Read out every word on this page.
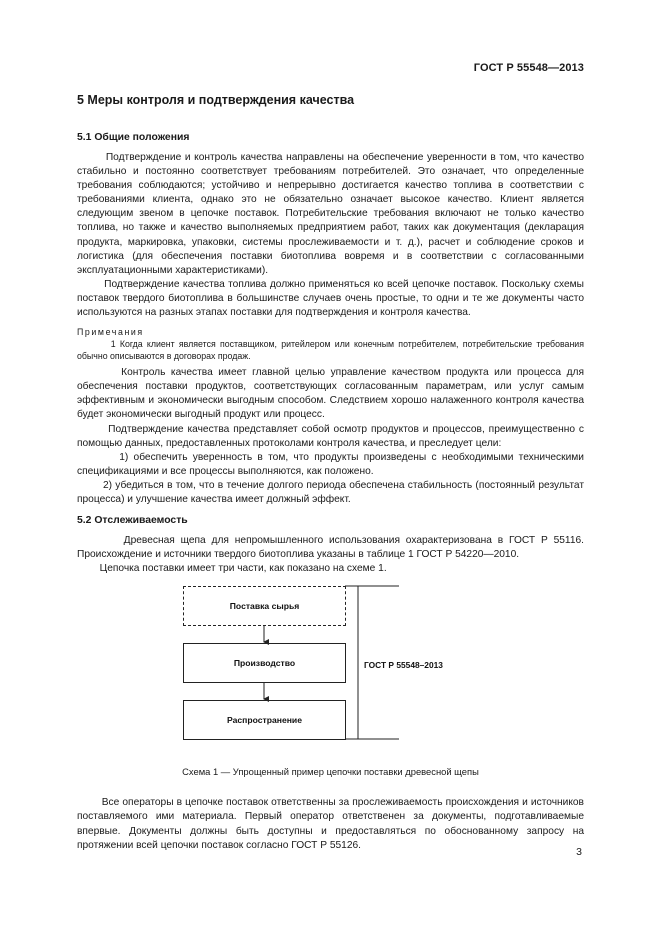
ГОСТ Р 55548—2013
5 Меры контроля и подтверждения качества
5.1 Общие положения

Подтверждение и контроль качества направлены на обеспечение уверенности в том, что качество стабильно и постоянно соответствует требованиям потребителей. Это означает, что определенные требования соблюдаются; устойчиво и непрерывно достигается качество топлива в соответствии с требованиями клиента, однако это не обязательно означает высокое качество. Клиент является следующим звеном в цепочке поставок. Потребительские требования включают не только качество топлива, но также и качество выполняемых предприятием работ, таких как документация (декларация продукта, маркировка, упаковки, системы прослеживаемости и т. д.), расчет и соблюдение сроков и логистика (для обеспечения поставки биотоплива вовремя и в соответствии с согласованными эксплуатационными характеристиками).

Подтверждение качества топлива должно применяться ко всей цепочке поставок. Поскольку схемы поставок твердого биотоплива в большинстве случаев очень простые, то одни и те же документы часто используются на разных этапах поставки для подтверждения и контроля качества.

Примечания

1 Когда клиент является поставщиком, ритейлером или конечным потребителем, потребительские требования обычно описываются в договорах продаж.

Контроль качества имеет главной целью управление качеством продукта или процесса для обеспечения поставки продуктов, соответствующих согласованным параметрам, или услуг самым эффективным и экономически выгодным способом. Следствием хорошо налаженного контроля качества будет экономически выгодный продукт или процесс.

Подтверждение качества представляет собой осмотр продуктов и процессов, преимущественно с помощью данных, предоставленных протоколами контроля качества, и преследует цели:

1) обеспечить уверенность в том, что продукты произведены с необходимыми техническими спецификациями и все процессы выполняются, как положено.

2) убедиться в том, что в течение долгого периода обеспечена стабильность (постоянный результат процесса) и улучшение качества имеет должный эффект.

5.2 Отслеживаемость

Древесная щепа для непромышленного использования охарактеризована в ГОСТ Р 55116. Происхождение и источники твердого биотоплива указаны в таблице 1 ГОСТ Р 54220—2010.

Цепочка поставки имеет три части, как показано на схеме 1.

Поставка сырья
Производство
Распространение
ГОСТ Р 55548–2013
Схема 1 — Упрощенный пример цепочки поставки древесной щепы

Все операторы в цепочке поставок ответственны за прослеживаемость происхождения и источников поставляемого ими материала. Первый оператор ответственен за документы, подготавливаемые впервые. Документы должны быть доступны и предоставляться по обоснованному запросу на протяжении всей цепочки поставок согласно ГОСТ Р 55126.

3
